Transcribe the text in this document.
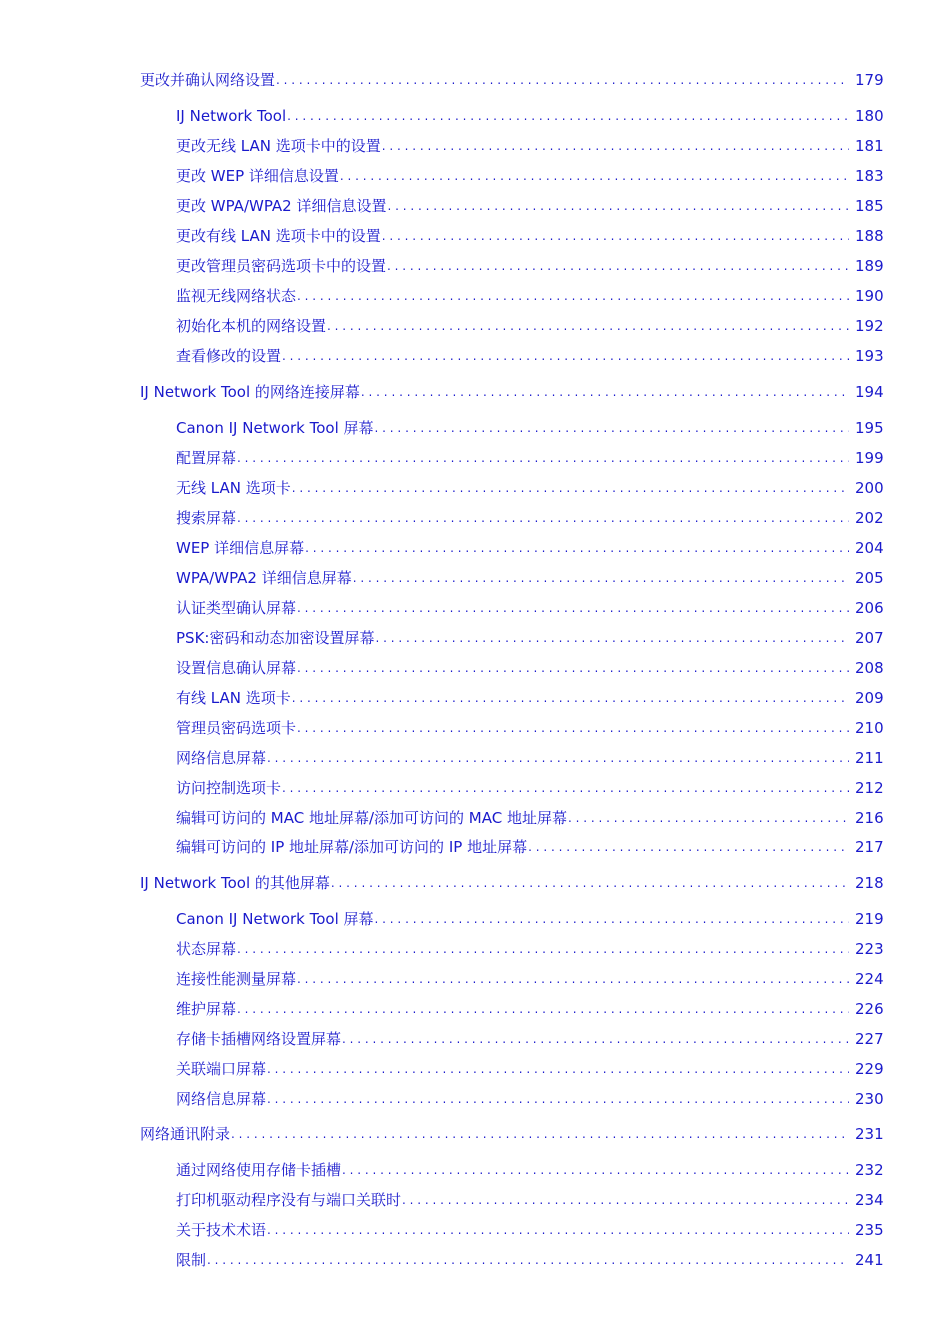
更改并确认网络设置 . . .	179
IJ Network Tool . . .	180
更改无线 LAN 选项卡中的设置 . . .	181
更改 WEP 详细信息设置 . . .	183
更改 WPA/WPA2 详细信息设置 . . .	185
更改有线 LAN 选项卡中的设置 . . .	188
更改管理员密码选项卡中的设置 . . .	189
监视无线网络状态 . . .	190
初始化本机的网络设置 . . .	192
查看修改的设置 . . .	193
IJ Network Tool 的网络连接屏幕 . . .	194
Canon IJ Network Tool 屏幕 . . .	195
配置屏幕 . . .	199
无线 LAN 选项卡 . . .	200
搜索屏幕 . . .	202
WEP 详细信息屏幕 . . .	204
WPA/WPA2 详细信息屏幕 . . .	205
认证类型确认屏幕 . . .	206
PSK:密码和动态加密设置屏幕 . . .	207
设置信息确认屏幕 . . .	208
有线 LAN 选项卡 . . .	209
管理员密码选项卡 . . .	210
网络信息屏幕 . . .	211
访问控制选项卡 . . .	212
编辑可访问的 MAC 地址屏幕/添加可访问的 MAC 地址屏幕 . . .	216
编辑可访问的 IP 地址屏幕/添加可访问的 IP 地址屏幕 . . .	217
IJ Network Tool 的其他屏幕 . . .	218
Canon IJ Network Tool 屏幕 . . .	219
状态屏幕 . . .	223
连接性能测量屏幕 . . .	224
维护屏幕 . . .	226
存储卡插槽网络设置屏幕 . . .	227
关联端口屏幕 . . .	229
网络信息屏幕 . . .	230
网络通讯附录 . . .	231
通过网络使用存储卡插槽 . . .	232
打印机驱动程序没有与端口关联时 . . .	234
关于技术术语 . . .	235
限制 . . .	241
